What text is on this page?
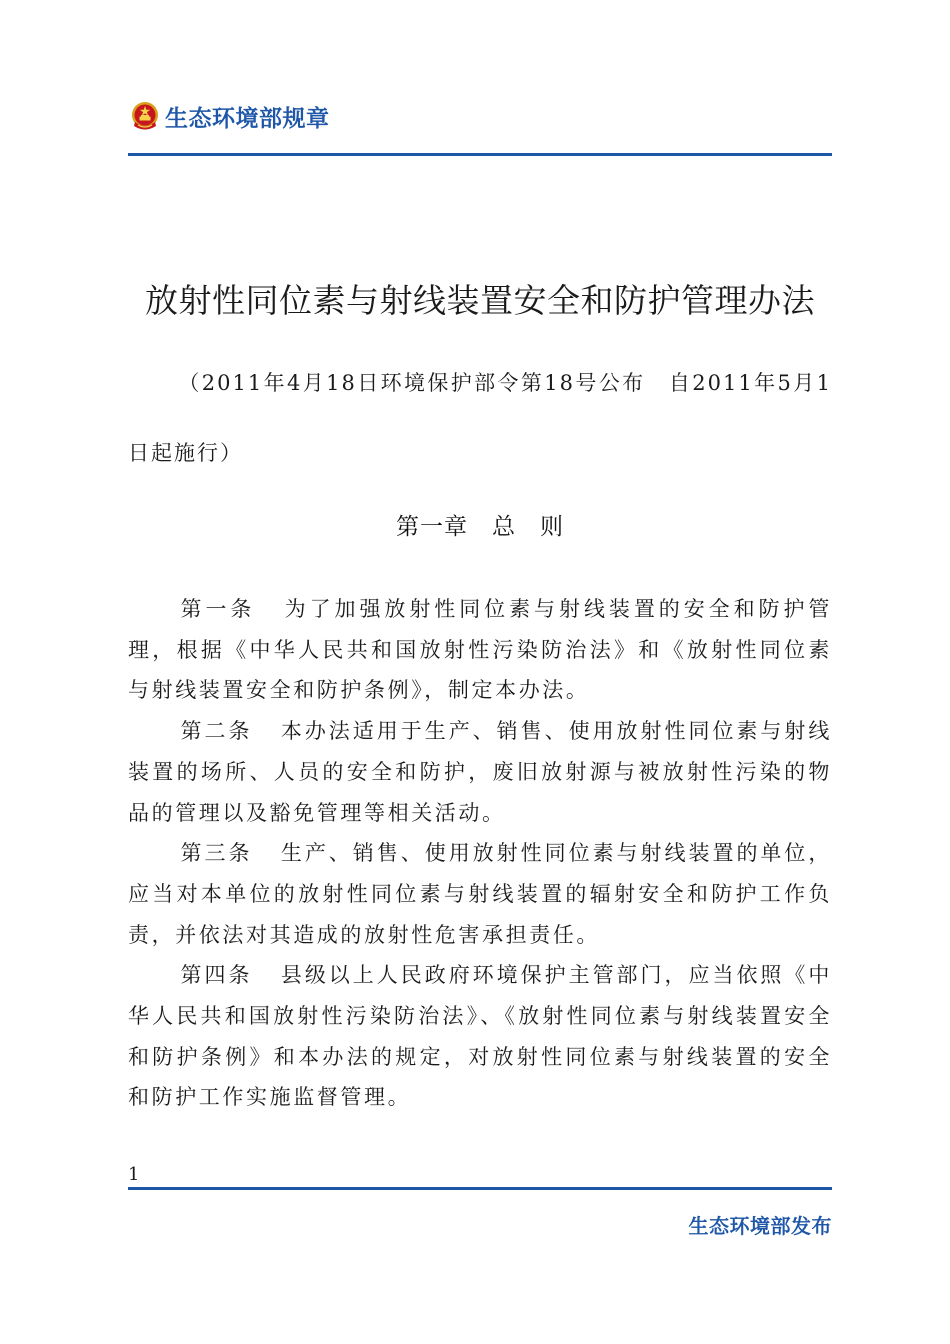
生态环境部规章
放射性同位素与射线装置安全和防护管理办法
（2011年4月18日环境保护部令第18号公布　自2011年5月1日起施行）
第一章　总　则

第一条 为了加强放射性同位素与射线装置的安全和防护管理，根据《中华人民共和国放射性污染防治法》和《放射性同位素与射线装置安全和防护条例》，制定本办法。

第二条 本办法适用于生产、销售、使用放射性同位素与射线装置的场所、人员的安全和防护，废旧放射源与被放射性污染的物品的管理以及豁免管理等相关活动。

第三条 生产、销售、使用放射性同位素与射线装置的单位，应当对本单位的放射性同位素与射线装置的辐射安全和防护工作负责，并依法对其造成的放射性危害承担责任。

第四条 县级以上人民政府环境保护主管部门，应当依照《中华人民共和国放射性污染防治法》、《放射性同位素与射线装置安全和防护条例》和本办法的规定，对放射性同位素与射线装置的安全和防护工作实施监督管理。

1
生态环境部发布
